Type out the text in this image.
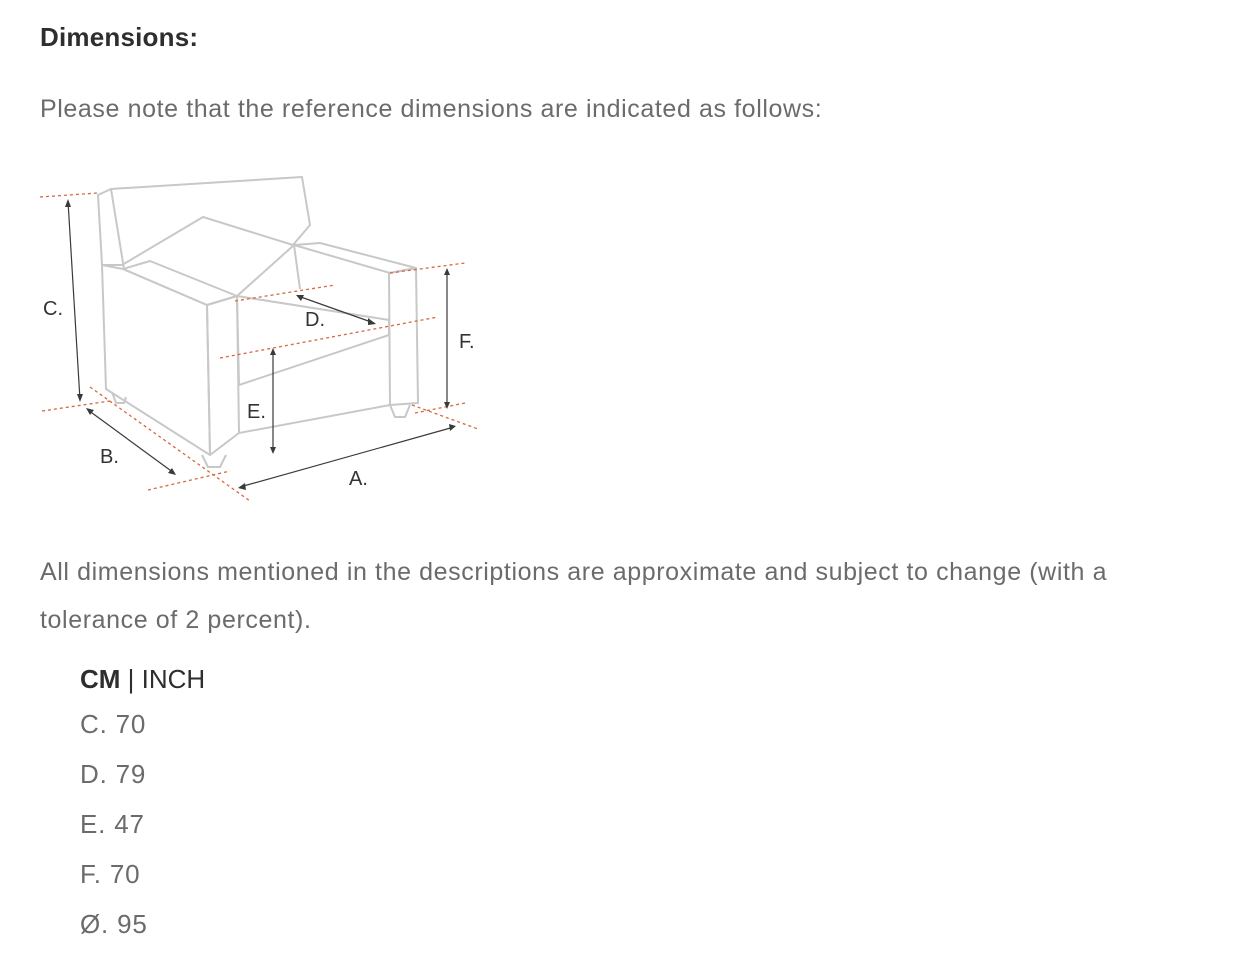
Dimensions:
Please note that the reference dimensions are indicated as follows:
C.
B.
E.
D.
F.
A.
All dimensions mentioned in the descriptions are approximate and subject to change (with a tolerance of 2 percent).
CM | INCH
C. 70
D. 79
E. 47
F. 70
Ø. 95
